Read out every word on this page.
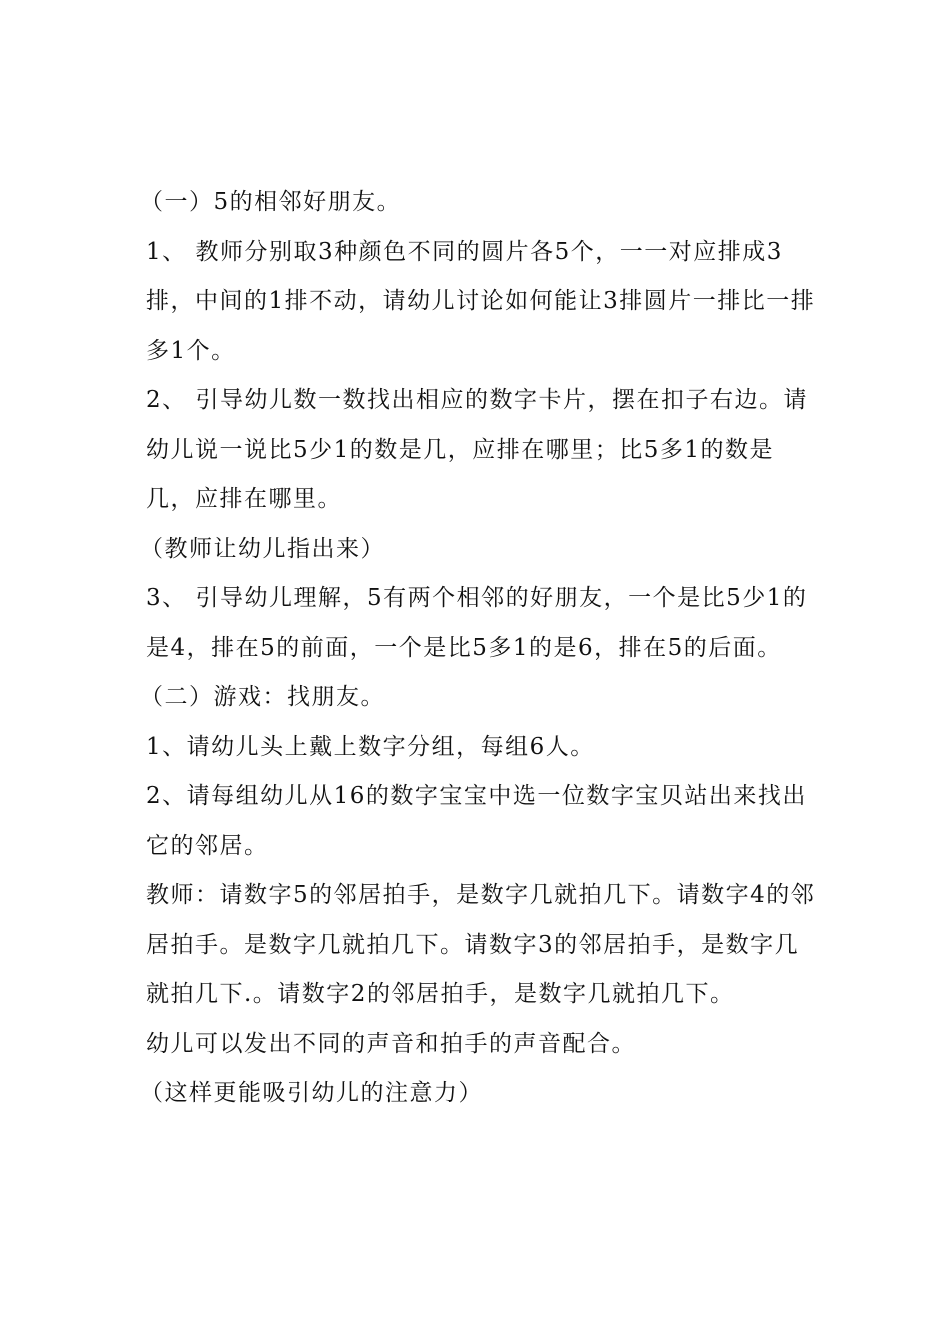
（一）5的相邻好朋友。

1、 教师分别取3种颜色不同的圆片各5个，一一对应排成3排，中间的1排不动，请幼儿讨论如何能让3排圆片一排比一排多1个。

2、 引导幼儿数一数找出相应的数字卡片，摆在扣子右边。请幼儿说一说比5少1的数是几，应排在哪里；比5多1的数是几，应排在哪里。

（教师让幼儿指出来）

3、 引导幼儿理解，5有两个相邻的好朋友，一个是比5少1的是4，排在5的前面，一个是比5多1的是6，排在5的后面。

（二）游戏：找朋友。

1、请幼儿头上戴上数字分组，每组6人。

2、请每组幼儿从16的数字宝宝中选一位数字宝贝站出来找出它的邻居。

教师：请数字5的邻居拍手，是数字几就拍几下。请数字4的邻居拍手。是数字几就拍几下。请数字3的邻居拍手，是数字几就拍几下.。请数字2的邻居拍手，是数字几就拍几下。

幼儿可以发出不同的声音和拍手的声音配合。

（这样更能吸引幼儿的注意力）
